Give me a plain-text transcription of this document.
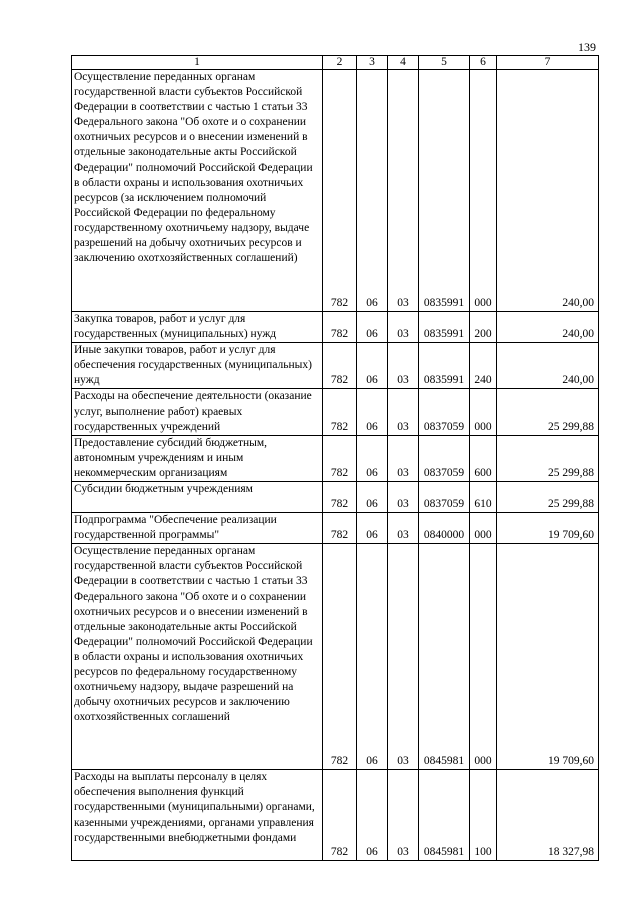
139
1	2	3	4	5	6	7
Осуществление переданных органам государственной власти субъектов Российской Федерации в соответствии с частью 1 статьи 33 Федерального закона "Об охоте и о сохранении охотничьих ресурсов и о внесении изменений в отдельные законодательные акты Российской Федерации" полномочий Российской Федерации в области охраны и использования охотничьих ресурсов (за исключением полномочий Российской Федерации по федеральному государственному охотничьему надзору, выдаче разрешений на добычу охотничьих ресурсов и заключению охотхозяйственных соглашений)	782	06	03	0835991	000	240,00
Закупка товаров, работ и услуг для государственных (муниципальных) нужд	782	06	03	0835991	200	240,00
Иные закупки товаров, работ и услуг для обеспечения государственных (муниципальных) нужд	782	06	03	0835991	240	240,00
Расходы на обеспечение деятельности (оказание услуг, выполнение работ) краевых государственных учреждений	782	06	03	0837059	000	25 299,88
Предоставление субсидий бюджетным, автономным учреждениям и иным некоммерческим организациям	782	06	03	0837059	600	25 299,88
Субсидии бюджетным учреждениям	782	06	03	0837059	610	25 299,88
Подпрограмма "Обеспечение реализации государственной программы"	782	06	03	0840000	000	19 709,60
Осуществление переданных органам государственной власти субъектов Российской Федерации в соответствии с частью 1 статьи 33 Федерального закона "Об охоте и о сохранении охотничьих ресурсов и о внесении изменений в отдельные законодательные акты Российской Федерации" полномочий Российской Федерации в области охраны и использования охотничьих ресурсов по федеральному государственному охотничьему надзору, выдаче разрешений на добычу охотничьих ресурсов и заключению охотхозяйственных соглашений	782	06	03	0845981	000	19 709,60
Расходы на выплаты персоналу в целях обеспечения выполнения функций государственными (муниципальными) органами, казенными учреждениями, органами управления государственными внебюджетными фондами	782	06	03	0845981	100	18 327,98
